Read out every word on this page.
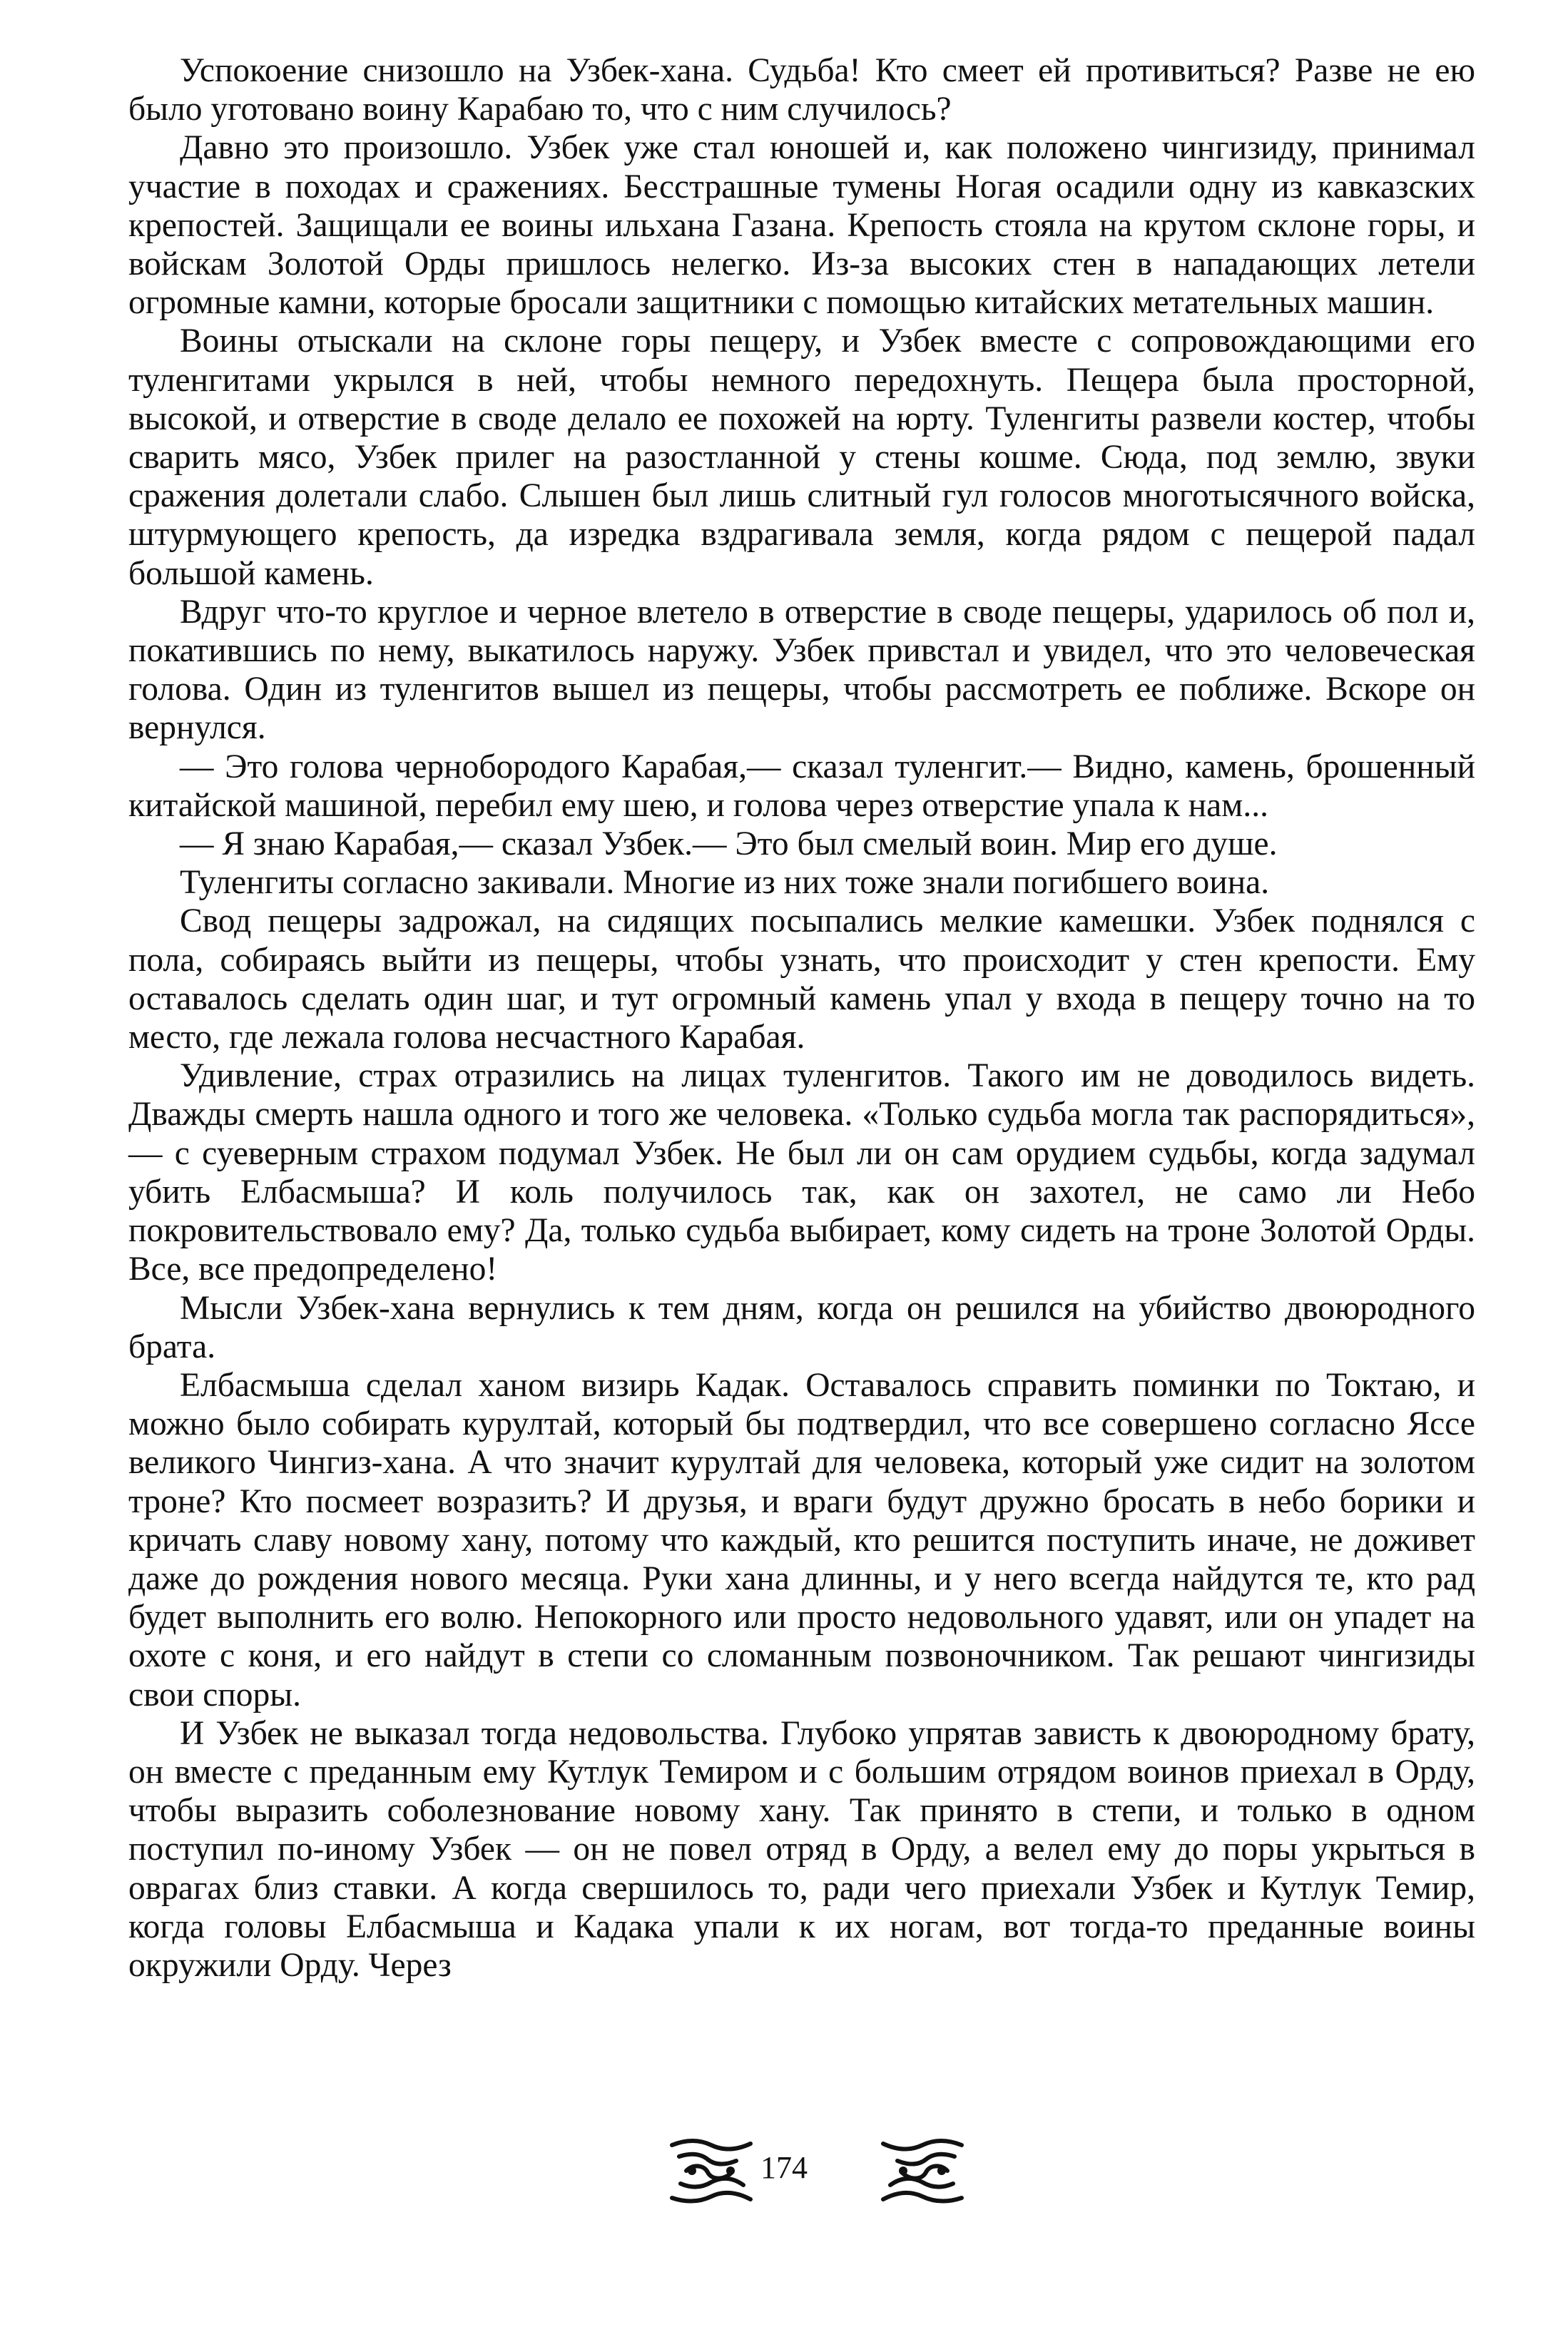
Успокоение снизошло на Узбек-хана. Судьба! Кто смеет ей противиться? Разве не ею было уготовано воину Карабаю то, что с ним случилось?

Давно это произошло. Узбек уже стал юношей и, как положено чингизиду, принимал участие в походах и сражениях. Бесстрашные тумены Ногая осадили одну из кавказских крепостей. Защищали ее воины ильхана Газана. Крепость стояла на крутом склоне горы, и войскам Золотой Орды пришлось нелегко. Из-за высоких стен в нападающих летели огромные камни, которые бросали защитники с помощью китайских метательных машин.

Воины отыскали на склоне горы пещеру, и Узбек вместе с сопровождающими его туленгитами укрылся в ней, чтобы немного передохнуть. Пещера была просторной, высокой, и отверстие в своде делало ее похожей на юрту. Туленгиты развели костер, чтобы сварить мясо, Узбек прилег на разостланной у стены кошме. Сюда, под землю, звуки сражения долетали слабо. Слышен был лишь слитный гул голосов многотысячного войска, штурмующего крепость, да изредка вздрагивала земля, когда рядом с пещерой падал большой камень.

Вдруг что-то круглое и черное влетело в отверстие в своде пещеры, ударилось об пол и, покатившись по нему, выкатилось наружу. Узбек привстал и увидел, что это человеческая голова. Один из туленгитов вышел из пещеры, чтобы рассмотреть ее поближе. Вскоре он вернулся.

— Это голова чернобородого Карабая,— сказал туленгит.— Видно, камень, брошенный китайской машиной, перебил ему шею, и голова через отверстие упала к нам...

— Я знаю Карабая,— сказал Узбек.— Это был смелый воин. Мир его душе.

Туленгиты согласно закивали. Многие из них тоже знали погибшего воина.

Свод пещеры задрожал, на сидящих посыпались мелкие камешки. Узбек поднялся с пола, собираясь выйти из пещеры, чтобы узнать, что происходит у стен крепости. Ему оставалось сделать один шаг, и тут огромный камень упал у входа в пещеру точно на то место, где лежала голова несчастного Карабая.

Удивление, страх отразились на лицах туленгитов. Такого им не доводилось видеть. Дважды смерть нашла одного и того же человека. «Только судьба могла так распорядиться»,— с суеверным страхом подумал Узбек. Не был ли он сам орудием судьбы, когда задумал убить Елбасмыша? И коль получилось так, как он захотел, не само ли Небо покровительствовало ему? Да, только судьба выбирает, кому сидеть на троне Золотой Орды. Все, все предопределено!

Мысли Узбек-хана вернулись к тем дням, когда он решился на убийство двоюродного брата.

Елбасмыша сделал ханом визирь Кадак. Оставалось справить поминки по Токтаю, и можно было собирать курултай, который бы подтвердил, что все совершено согласно Яссе великого Чингиз-хана. А что значит курултай для человека, который уже сидит на золотом троне? Кто посмеет возразить? И друзья, и враги будут дружно бросать в небо борики и кричать славу новому хану, потому что каждый, кто решится поступить иначе, не доживет даже до рождения нового месяца. Руки хана длинны, и у него всегда найдутся те, кто рад будет выполнить его волю. Непокорного или просто недовольного удавят, или он упадет на охоте с коня, и его найдут в степи со сломанным позвоночником. Так решают чингизиды свои споры.

И Узбек не выказал тогда недовольства. Глубоко упрятав зависть к двоюродному брату, он вместе с преданным ему Кутлук Темиром и с большим отрядом воинов приехал в Орду, чтобы выразить соболезнование новому хану. Так принято в степи, и только в одном поступил по-иному Узбек — он не повел отряд в Орду, а велел ему до поры укрыться в оврагах близ ставки. А когда свершилось то, ради чего приехали Узбек и Кутлук Темир, когда головы Елбасмыша и Кадака упали к их ногам, вот тогда-то преданные воины окружили Орду. Через

174
